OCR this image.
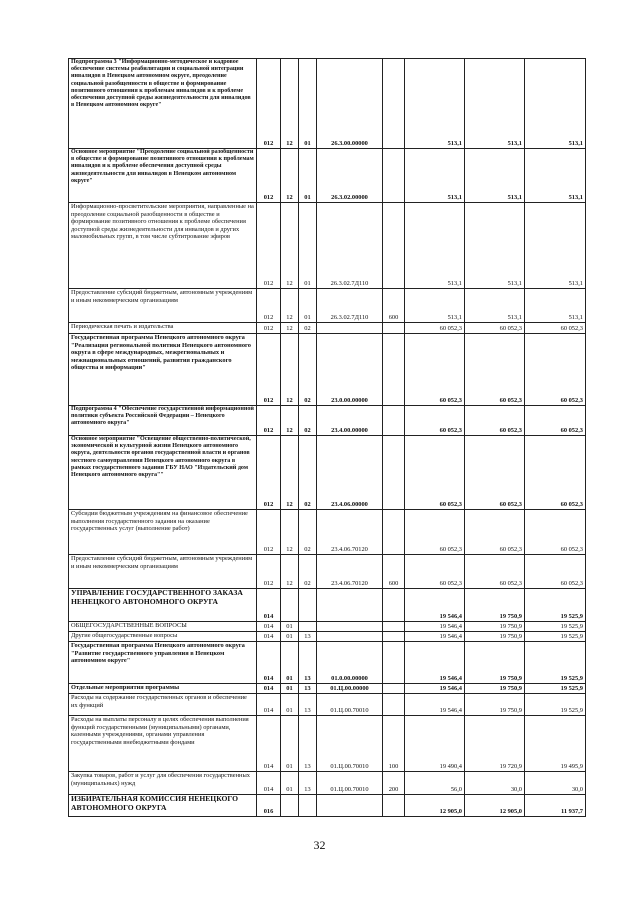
Подпрограмма 3 "Информационно-методическое и кадровое обеспечение системы реабилитации и социальной интеграции инвалидов в Ненецком автономном округе, преодоление социальной разобщенности в обществе и формирование позитивного отношения к проблемам инвалидов и к проблеме обеспечения доступной среды жизнедеятельности для инвалидов в Ненецком автономном округе"	012	12	01	26.3.00.00000		513,1	513,1	513,1
Основное мероприятие "Преодоление социальной разобщенности в обществе и формирование позитивного отношения к проблемам инвалидов и к проблеме обеспечения доступной среды жизнедеятельности для инвалидов в Ненецком автономном округе"	012	12	01	26.3.02.00000		513,1	513,1	513,1
Информационно-просветительские мероприятия, направленные на преодоление социальной разобщенности в обществе и формирование позитивного отношения к проблеме обеспечения доступной среды жизнедеятельности для инвалидов и других маломобильных групп, в том числе субтитрование эфиров	012	12	01	26.3.02.7Д110		513,1	513,1	513,1
Предоставление субсидий бюджетным, автономным учреждениям и иным некоммерческим организациям	012	12	01	26.3.02.7Д110	600	513,1	513,1	513,1
Периодическая печать и издательства	012	12	02			60 052,3	60 052,3	60 052,3
Государственная программа Ненецкого автономного округа "Реализация региональной политики Ненецкого автономного округа в сфере международных, межрегиональных и межнациональных отношений, развития гражданского общества и информации"	012	12	02	23.0.00.00000		60 052,3	60 052,3	60 052,3
Подпрограмма 4 "Обеспечение государственной информационной политики субъекта Российской Федерации – Ненецкого автономного округа"	012	12	02	23.4.00.00000		60 052,3	60 052,3	60 052,3
Основное мероприятие "Освещение общественно-политической, экономической и культурной жизни Ненецкого автономного округа, деятельности органов государственной власти и органов местного самоуправления Ненецкого автономного округа в рамках государственного задания ГБУ НАО "Издательский дом Ненецкого автономного округа""	012	12	02	23.4.06.00000		60 052,3	60 052,3	60 052,3
Субсидии бюджетным учреждениям на финансовое обеспечение выполнения государственного задания на оказание государственных услуг (выполнение работ)	012	12	02	23.4.06.70120		60 052,3	60 052,3	60 052,3
Предоставление субсидий бюджетным, автономным учреждениям и иным некоммерческим организациям	012	12	02	23.4.06.70120	600	60 052,3	60 052,3	60 052,3
УПРАВЛЕНИЕ ГОСУДАРСТВЕННОГО ЗАКАЗА НЕНЕЦКОГО АВТОНОМНОГО ОКРУГА	014					19 546,4	19 750,9	19 525,9
ОБЩЕГОСУДАРСТВЕННЫЕ ВОПРОСЫ	014	01				19 546,4	19 750,9	19 525,9
Другие общегосударственные вопросы	014	01	13			19 546,4	19 750,9	19 525,9
Государственная программа Ненецкого автономного округа "Развитие государственного управления в Ненецком автономном округе"	014	01	13	01.0.00.00000		19 546,4	19 750,9	19 525,9
Отдельные мероприятия программы	014	01	13	01.Ц.00.00000		19 546,4	19 750,9	19 525,9
Расходы на содержание государственных органов и обеспечение их функций	014	01	13	01.Ц.00.70010		19 546,4	19 750,9	19 525,9
Расходы на выплаты персоналу в целях обеспечения выполнения функций государственными (муниципальными) органами, казенными учреждениями, органами управления государственными внебюджетными фондами	014	01	13	01.Ц.00.70010	100	19 490,4	19 720,9	19 495,9
Закупка товаров, работ и услуг для обеспечения государственных (муниципальных) нужд	014	01	13	01.Ц.00.70010	200	56,0	30,0	30,0
ИЗБИРАТЕЛЬНАЯ КОМИССИЯ НЕНЕЦКОГО АВТОНОМНОГО ОКРУГА	016					12 905,0	12 905,0	11 937,7
32
